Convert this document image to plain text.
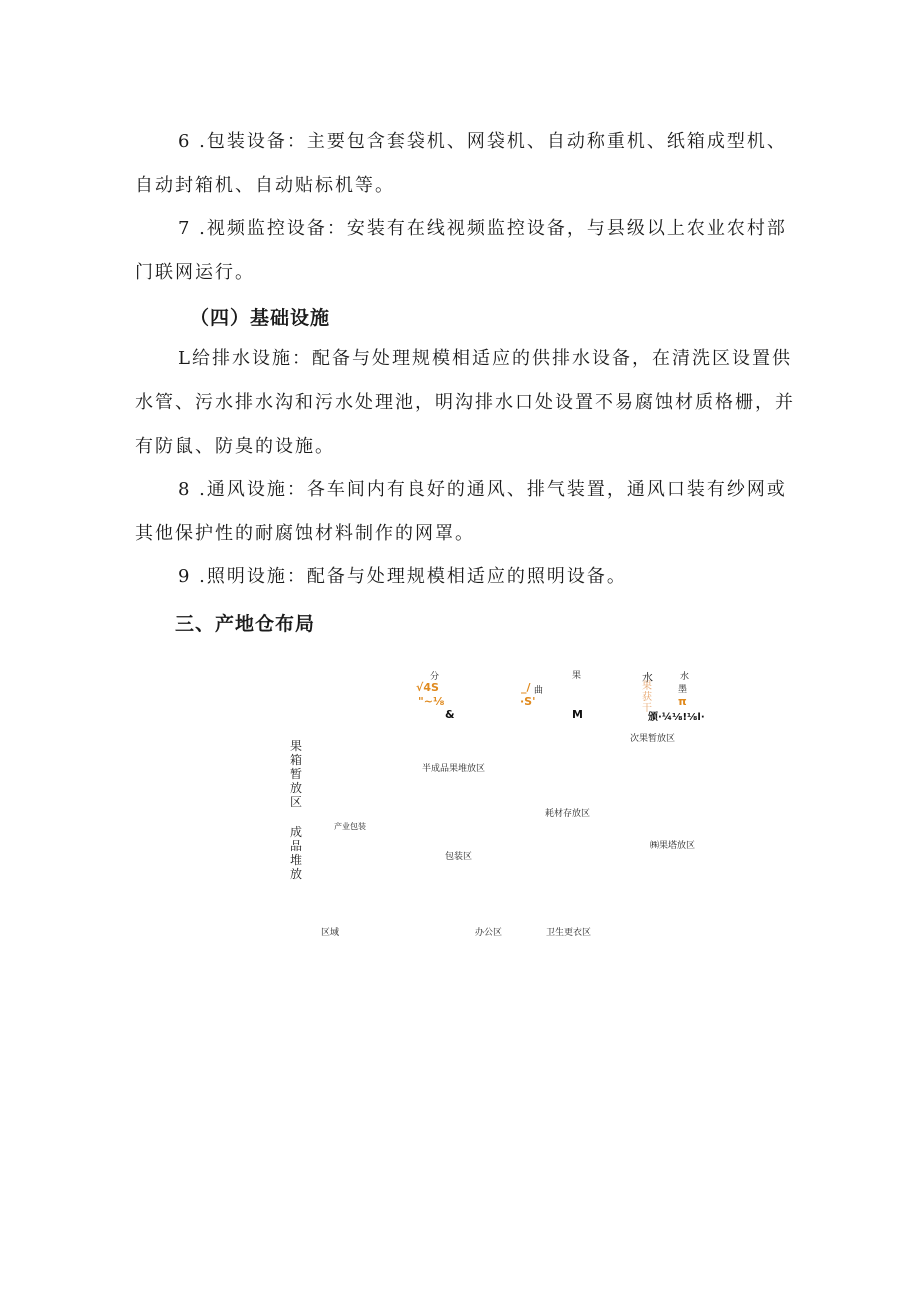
6 .包装设备：主要包含套袋机、网袋机、自动称重机、纸箱成型机、自动封箱机、自动贴标机等。
7 .视频监控设备：安装有在线视频监控设备，与县级以上农业农村部门联网运行。
（四）基础设施
L给排水设施：配备与处理规模相适应的供排水设备，在清洗区设置供水管、污水排水沟和污水处理池，明沟排水口处设置不易腐蚀材质格栅，并有防鼠、防臭的设施。
8 .通风设施：各车间内有良好的通风、排气装置，通风口装有纱网或其他保护性的耐腐蚀材料制作的网罩。
9 .照明设施：配备与处理规模相适应的照明设备。
三、产地仓布局
分	果	水	水
√4S
"~⅛
&
_/ 曲
·S'
M
果获干
墨
π
颁·¼⅛!⅛l·
次果暂放区
果箱暂放区
半成品果堆放区
耗材存放区
产业包装
成品堆放
包装区
㈱果塔放区
区域	办公区	卫生更衣区
